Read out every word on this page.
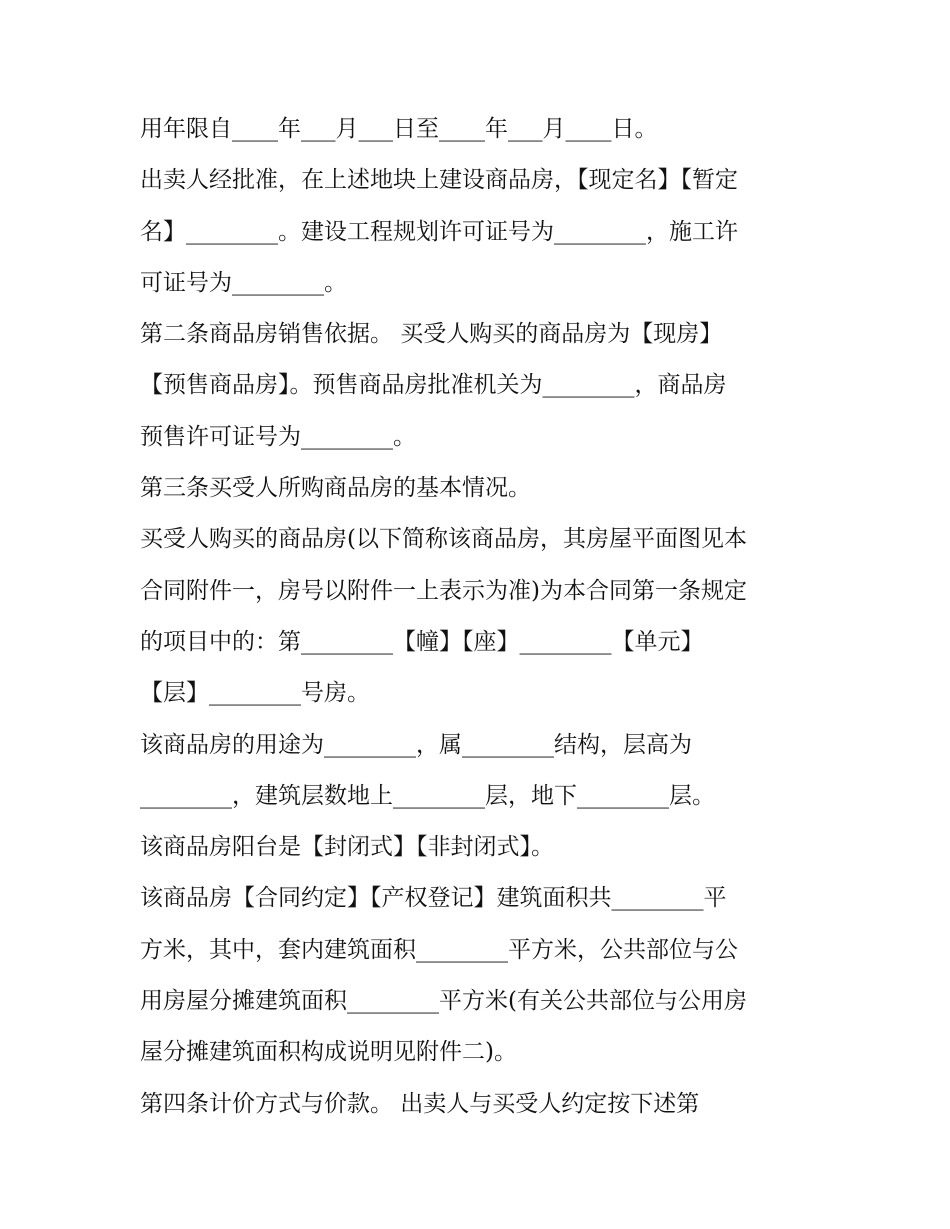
用年限自____年___月___日至____年___月____日。
出卖人经批准，在上述地块上建设商品房，【现定名】【暂定
名】________。建设工程规划许可证号为________，施工许
可证号为________。
第二条商品房销售依据。 买受人购买的商品房为【现房】
【预售商品房】。预售商品房批准机关为________，商品房
预售许可证号为________。
第三条买受人所购商品房的基本情况。
买受人购买的商品房(以下简称该商品房，其房屋平面图见本
合同附件一，房号以附件一上表示为准)为本合同第一条规定
的项目中的：第________【幢】【座】________【单元】
【层】________号房。
该商品房的用途为________，属________结构，层高为
________，建筑层数地上________层，地下________层。
该商品房阳台是【封闭式】【非封闭式】。
该商品房【合同约定】【产权登记】建筑面积共________平
方米，其中，套内建筑面积________平方米，公共部位与公
用房屋分摊建筑面积________平方米(有关公共部位与公用房
屋分摊建筑面积构成说明见附件二)。
第四条计价方式与价款。 出卖人与买受人约定按下述第
